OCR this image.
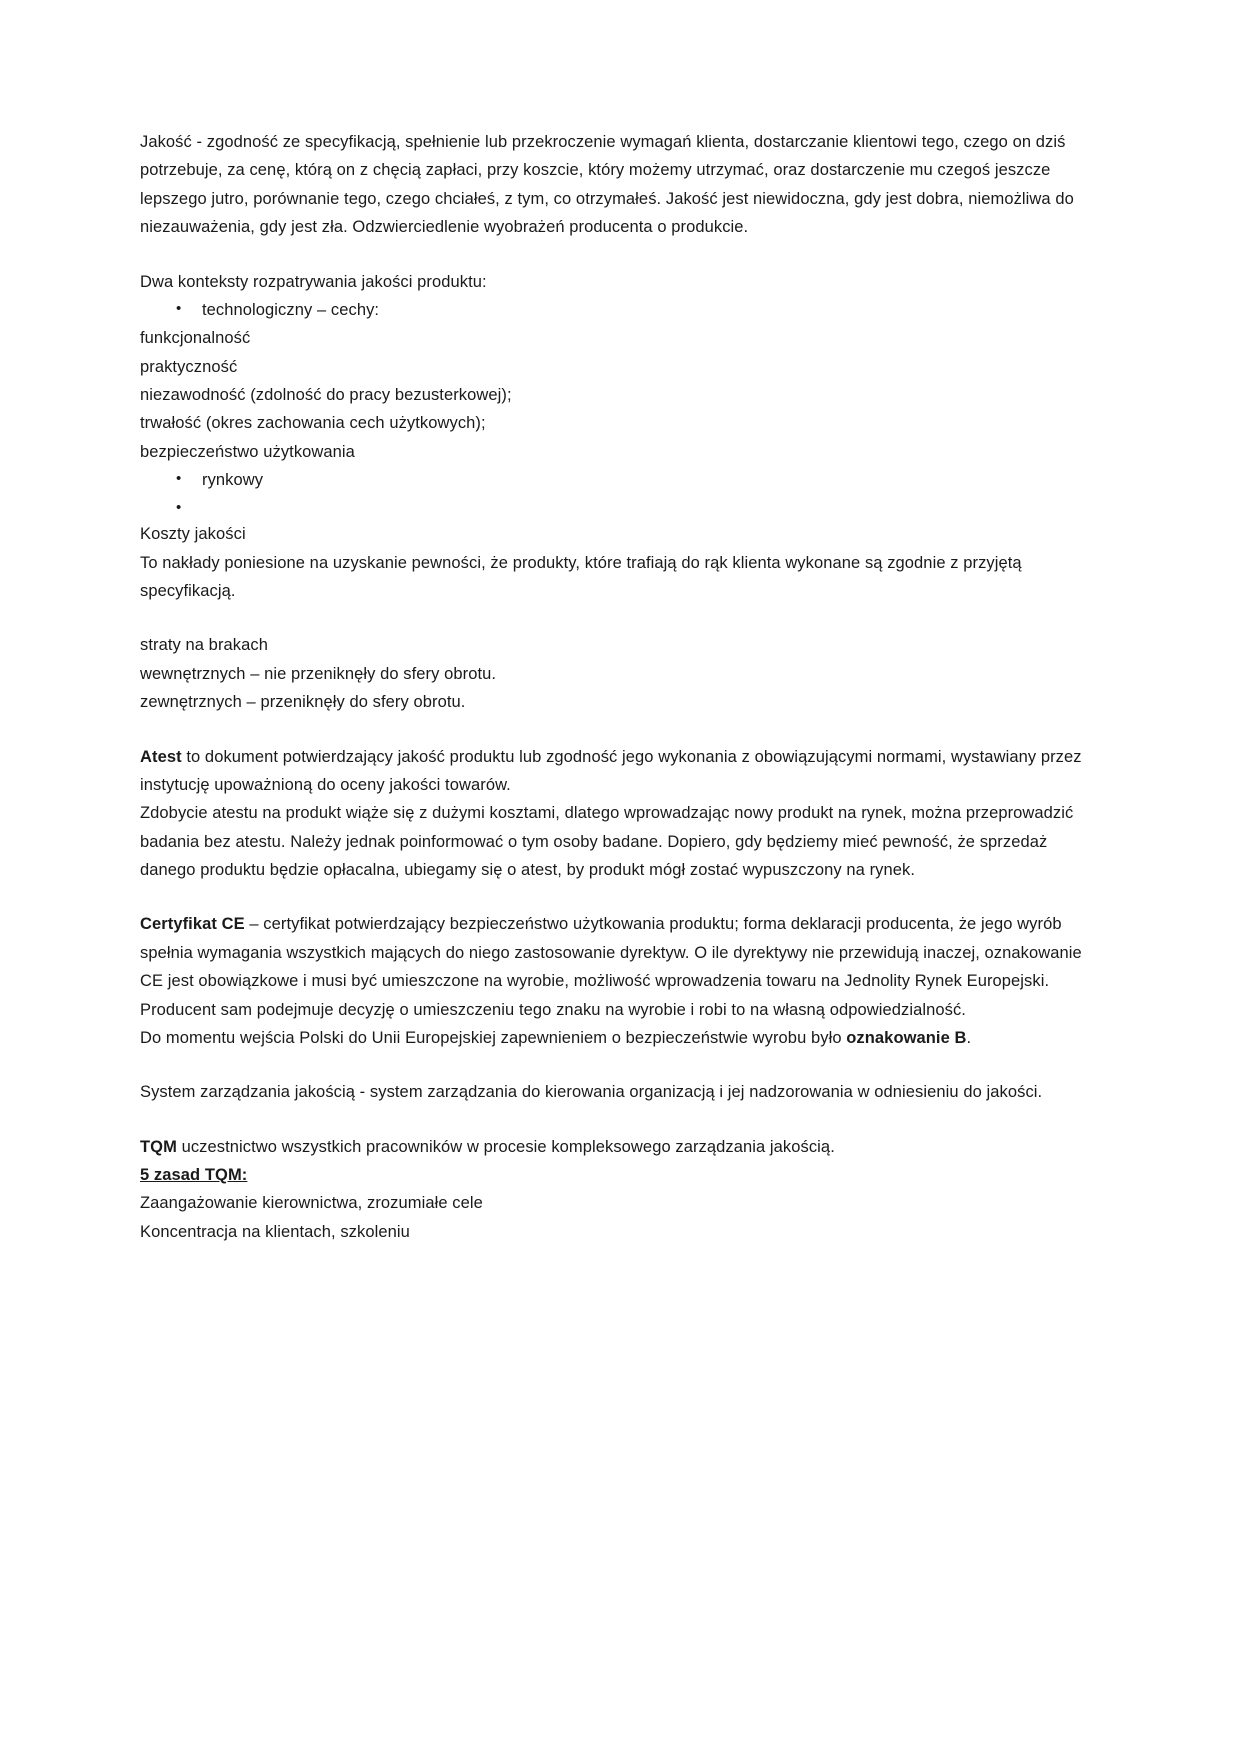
Jakość - zgodność ze specyfikacją, spełnienie lub przekroczenie wymagań klienta, dostarczanie klientowi tego, czego on dziś potrzebuje, za cenę, którą on z chęcią zapłaci, przy koszcie, który możemy utrzymać, oraz dostarczenie mu czegoś jeszcze lepszego jutro, porównanie tego, czego chciałeś, z tym, co otrzymałeś. Jakość jest niewidoczna, gdy jest dobra, niemożliwa do niezauważenia, gdy jest zła. Odzwierciedlenie wyobrażeń producenta o produkcie.

Dwa konteksty rozpatrywania jakości produktu:

•
technologiczny – cechy:

funkcjonalność

praktyczność

niezawodność (zdolność do pracy bezusterkowej);

trwałość (okres zachowania cech użytkowych);

bezpieczeństwo użytkowania

•
rynkowy
•

Koszty jakości

To nakłady poniesione na uzyskanie pewności, że produkty, które trafiają do rąk klienta wykonane są zgodnie z przyjętą specyfikacją.

straty na brakach

wewnętrznych – nie przeniknęły do sfery obrotu.

zewnętrznych – przeniknęły do sfery obrotu.

Atest to dokument potwierdzający jakość produktu lub zgodność jego wykonania z obowiązującymi normami, wystawiany przez instytucję upoważnioną do oceny jakości towarów.

Zdobycie atestu na produkt wiąże się z dużymi kosztami, dlatego wprowadzając nowy produkt na rynek, można przeprowadzić badania bez atestu. Należy jednak poinformować o tym osoby badane. Dopiero, gdy będziemy mieć pewność, że sprzedaż danego produktu będzie opłacalna, ubiegamy się o atest, by produkt mógł zostać wypuszczony na rynek.

Certyfikat CE – certyfikat potwierdzający bezpieczeństwo użytkowania produktu; forma deklaracji producenta, że jego wyrób spełnia wymagania wszystkich mających do niego zastosowanie dyrektyw. O ile dyrektywy nie przewidują inaczej, oznakowanie CE jest obowiązkowe i musi być umieszczone na wyrobie, możliwość wprowadzenia towaru na Jednolity Rynek Europejski. Producent sam podejmuje decyzję o umieszczeniu tego znaku na wyrobie i robi to na własną odpowiedzialność.

Do momentu wejścia Polski do Unii Europejskiej zapewnieniem o bezpieczeństwie wyrobu było oznakowanie B.

System zarządzania jakością - system zarządzania do kierowania organizacją i jej nadzorowania w odniesieniu do jakości.

TQM uczestnictwo wszystkich pracowników w procesie kompleksowego zarządzania jakością.

5 zasad TQM:

Zaangażowanie kierownictwa, zrozumiałe cele

Koncentracja na klientach, szkoleniu
